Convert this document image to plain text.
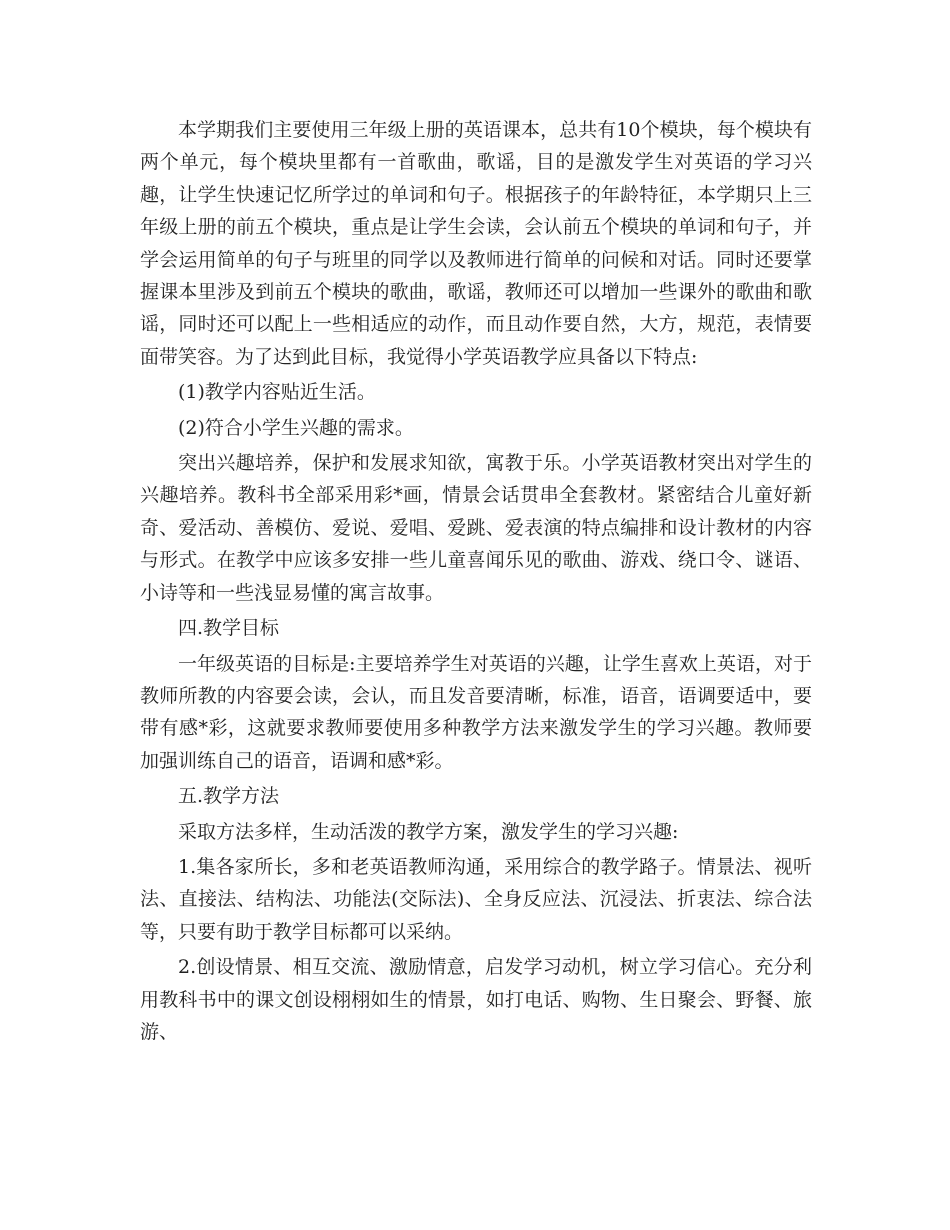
本学期我们主要使用三年级上册的英语课本，总共有10个模块，每个模块有两个单元，每个模块里都有一首歌曲，歌谣，目的是激发学生对英语的学习兴趣，让学生快速记忆所学过的单词和句子。根据孩子的年龄特征，本学期只上三年级上册的前五个模块，重点是让学生会读，会认前五个模块的单词和句子，并学会运用简单的句子与班里的同学以及教师进行简单的问候和对话。同时还要掌握课本里涉及到前五个模块的歌曲，歌谣，教师还可以增加一些课外的歌曲和歌谣，同时还可以配上一些相适应的动作，而且动作要自然，大方，规范，表情要面带笑容。为了达到此目标，我觉得小学英语教学应具备以下特点:

(1)教学内容贴近生活。

(2)符合小学生兴趣的需求。

突出兴趣培养，保护和发展求知欲，寓教于乐。小学英语教材突出对学生的兴趣培养。教科书全部采用彩*画，情景会话贯串全套教材。紧密结合儿童好新奇、爱活动、善模仿、爱说、爱唱、爱跳、爱表演的特点编排和设计教材的内容与形式。在教学中应该多安排一些儿童喜闻乐见的歌曲、游戏、绕口令、谜语、小诗等和一些浅显易懂的寓言故事。

四.教学目标

一年级英语的目标是:主要培养学生对英语的兴趣，让学生喜欢上英语，对于教师所教的内容要会读，会认，而且发音要清晰，标准，语音，语调要适中，要带有感*彩，这就要求教师要使用多种教学方法来激发学生的学习兴趣。教师要加强训练自己的语音，语调和感*彩。

五.教学方法

采取方法多样，生动活泼的教学方案，激发学生的学习兴趣:

1.集各家所长，多和老英语教师沟通，采用综合的教学路子。情景法、视听法、直接法、结构法、功能法(交际法)、全身反应法、沉浸法、折衷法、综合法等，只要有助于教学目标都可以采纳。

2.创设情景、相互交流、激励情意，启发学习动机，树立学习信心。充分利用教科书中的课文创设栩栩如生的情景，如打电话、购物、生日聚会、野餐、旅游、
